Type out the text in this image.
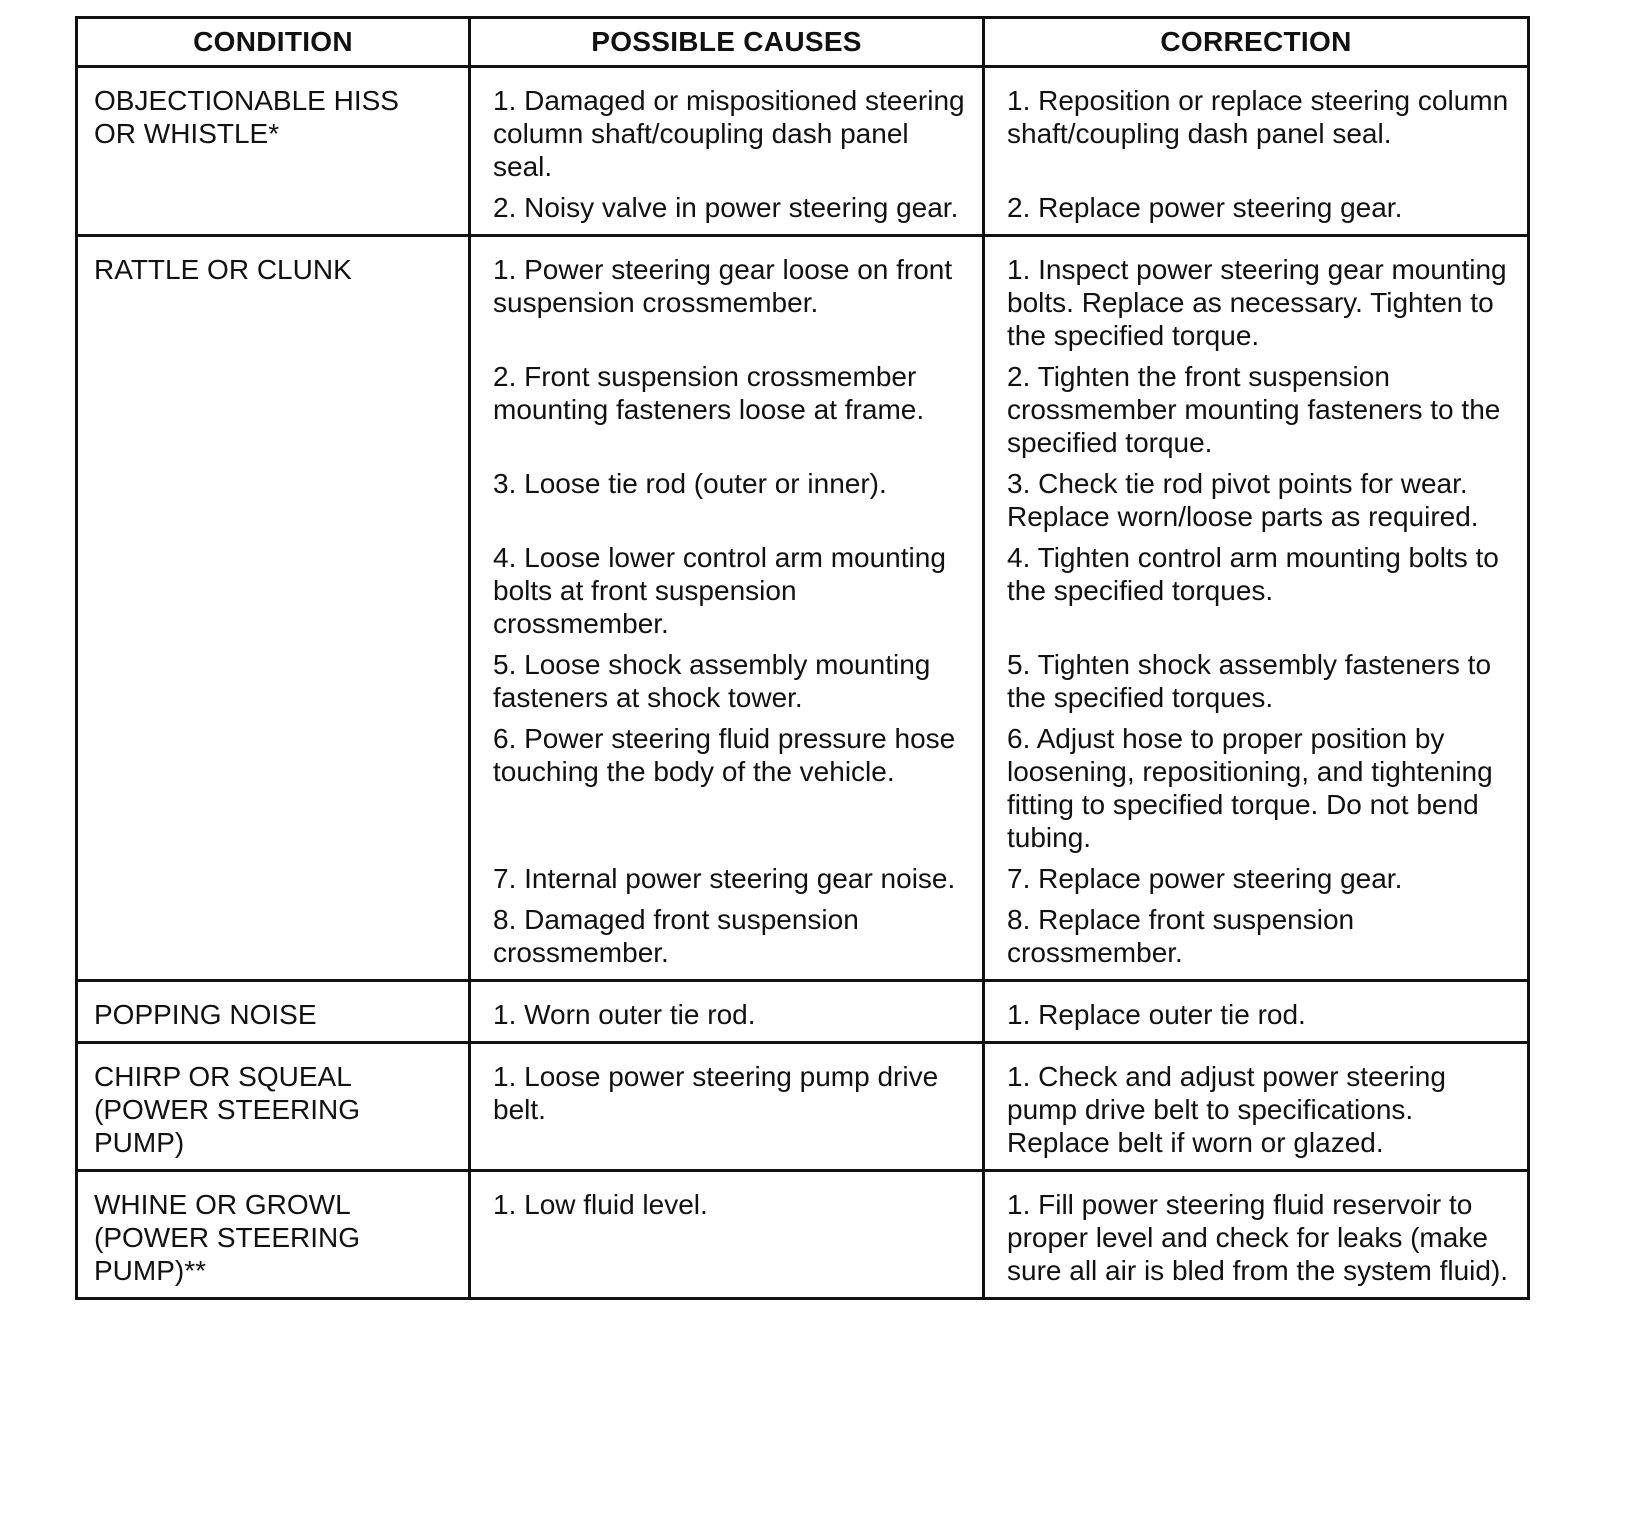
CONDITION	POSSIBLE CAUSES	CORRECTION
OBJECTIONABLE HISS OR WHISTLE*	1. Damaged or mispositioned steering column shaft/coupling dash panel seal.	1. Reposition or replace steering column shaft/coupling dash panel seal.
	2. Noisy valve in power steering gear.	2. Replace power steering gear.
RATTLE OR CLUNK	1. Power steering gear loose on front suspension crossmember.	1. Inspect power steering gear mounting bolts. Replace as necessary. Tighten to the specified torque.
	2. Front suspension crossmember mounting fasteners loose at frame.	2. Tighten the front suspension crossmember mounting fasteners to the specified torque.
	3. Loose tie rod (outer or inner).	3. Check tie rod pivot points for wear. Replace worn/loose parts as required.
	4. Loose lower control arm mounting bolts at front suspension crossmember.	4. Tighten control arm mounting bolts to the specified torques.
	5. Loose shock assembly mounting fasteners at shock tower.	5. Tighten shock assembly fasteners to the specified torques.
	6. Power steering fluid pressure hose touching the body of the vehicle.	6. Adjust hose to proper position by loosening, repositioning, and tightening fitting to specified torque. Do not bend tubing.
	7. Internal power steering gear noise.	7. Replace power steering gear.
	8. Damaged front suspension crossmember.	8. Replace front suspension crossmember.
POPPING NOISE	1. Worn outer tie rod.	1. Replace outer tie rod.
CHIRP OR SQUEAL (POWER STEERING PUMP)	1. Loose power steering pump drive belt.	1. Check and adjust power steering pump drive belt to specifications. Replace belt if worn or glazed.
WHINE OR GROWL (POWER STEERING PUMP)**	1. Low fluid level.	1. Fill power steering fluid reservoir to proper level and check for leaks (make sure all air is bled from the system fluid).
